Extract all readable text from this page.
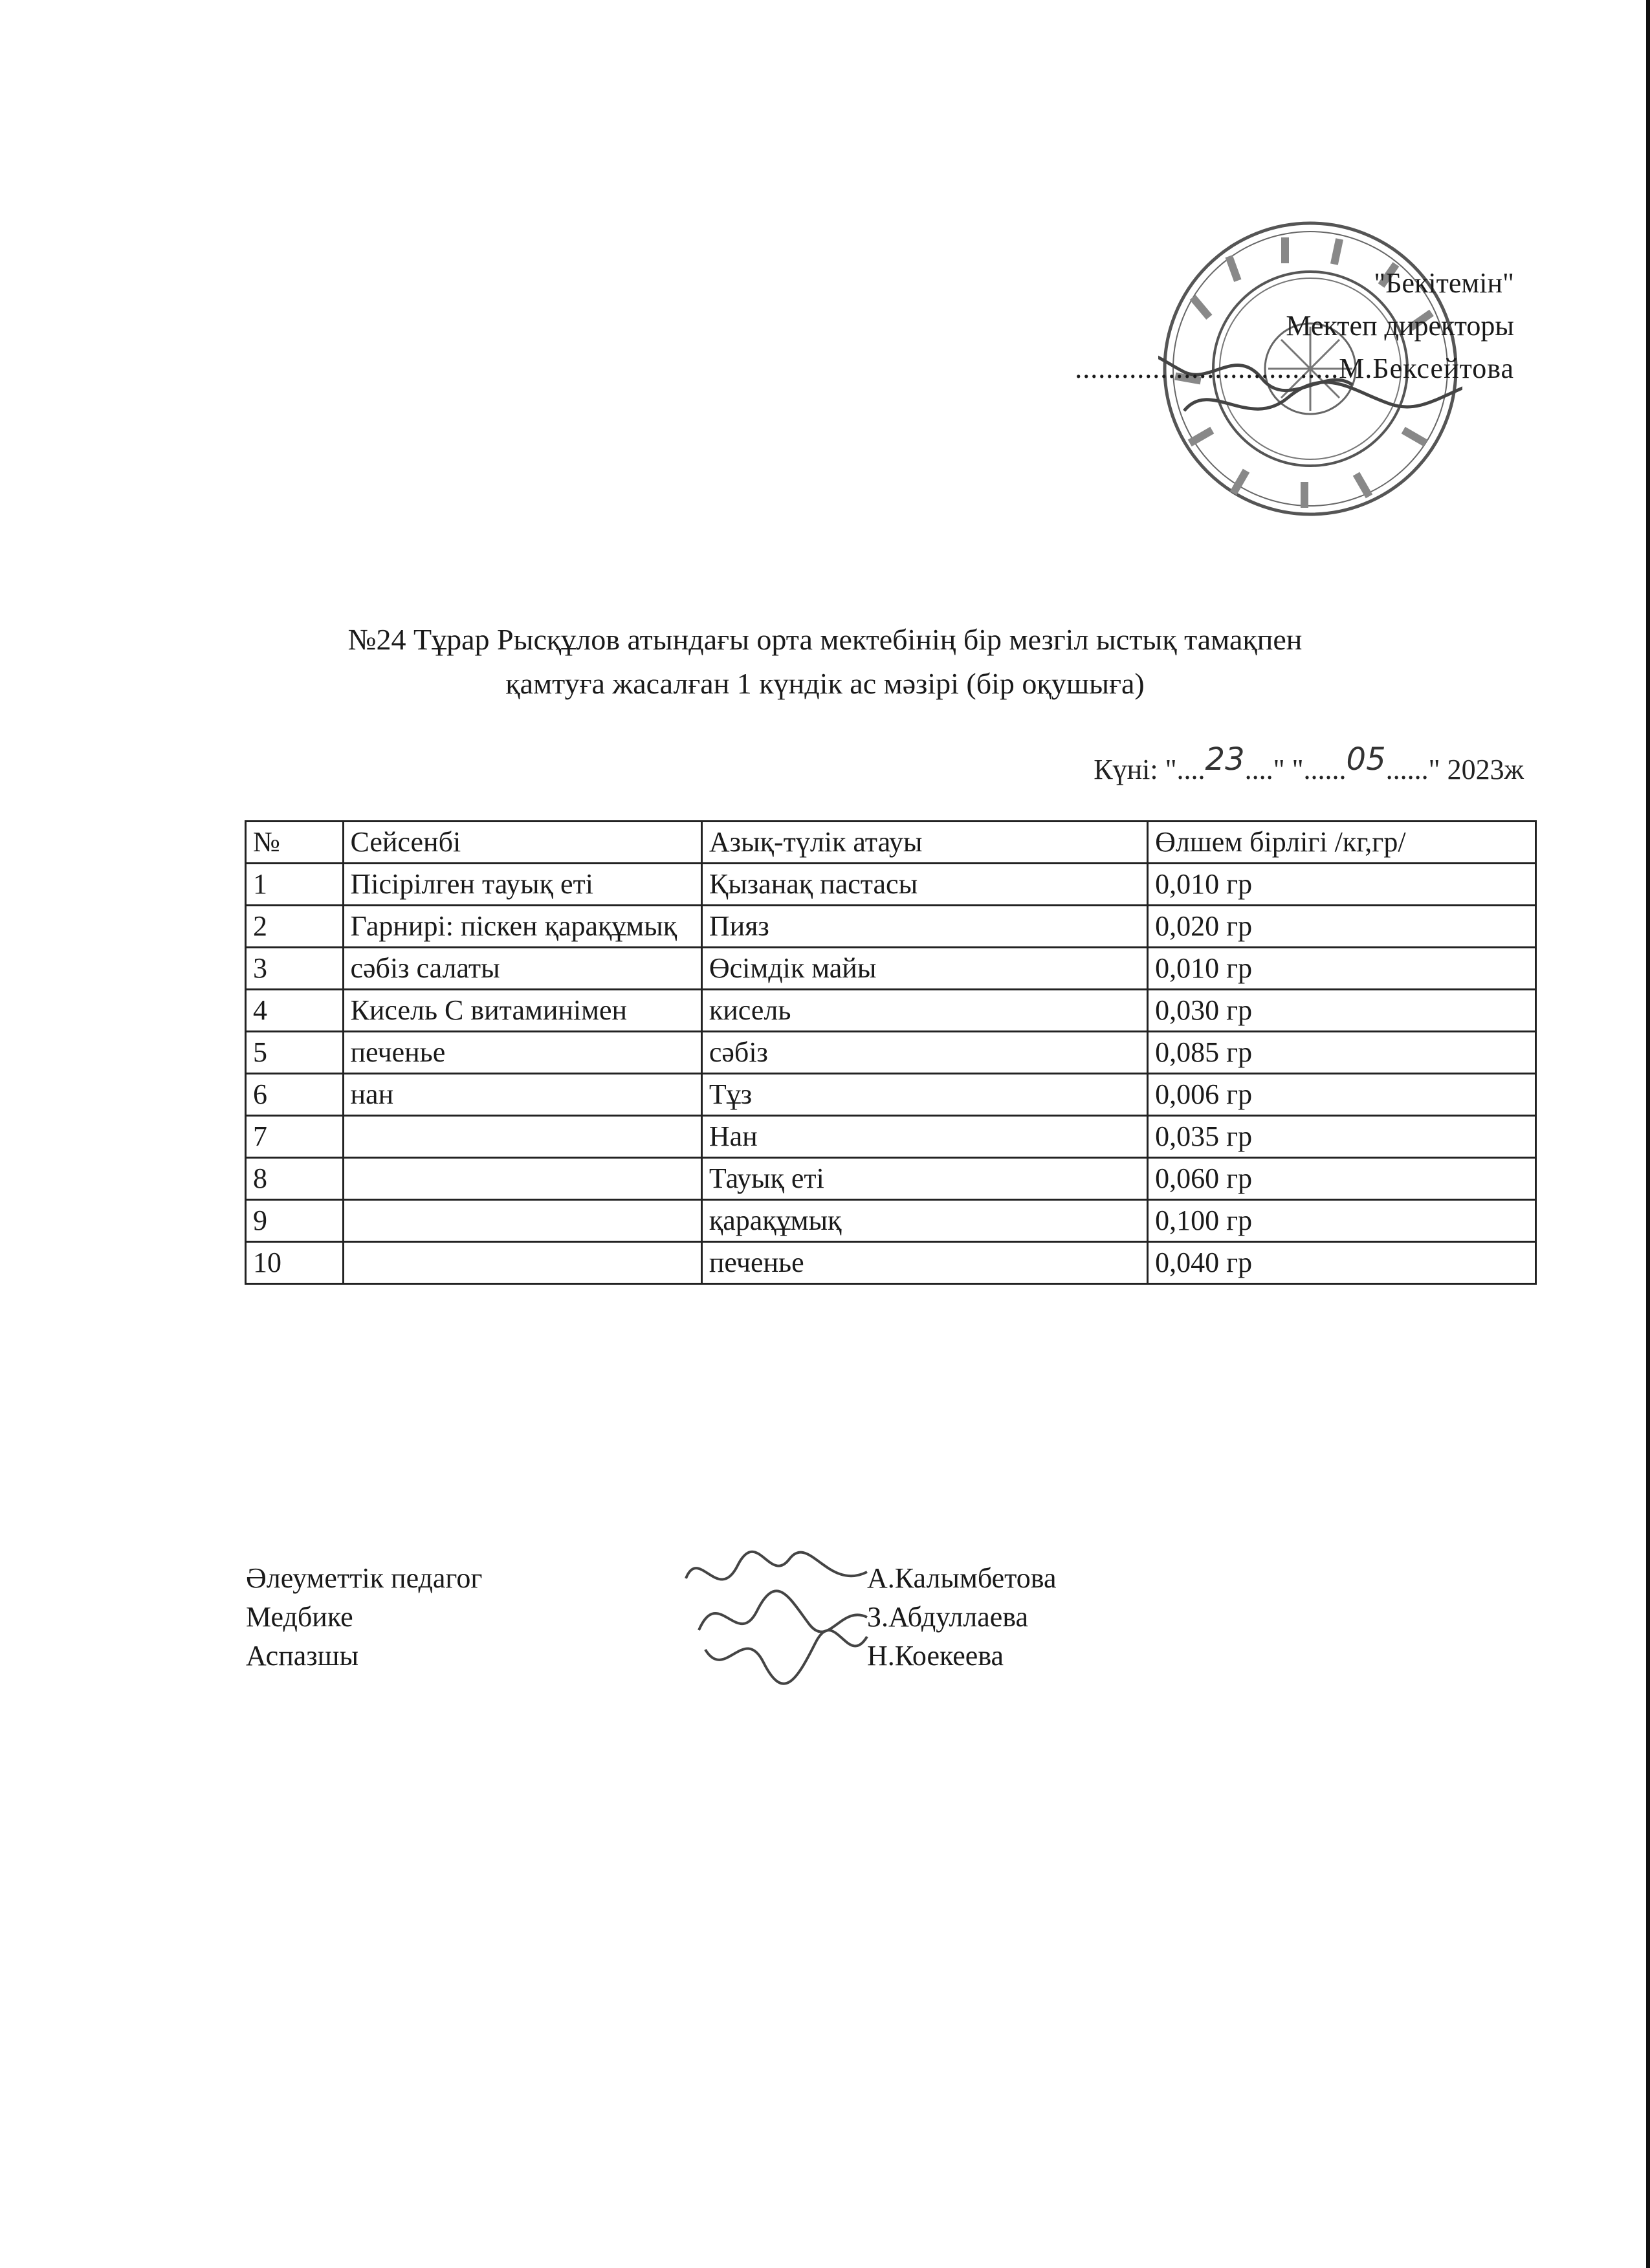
"Бекітемін"
Мектеп директоры
..................................М.Бексейтова
№24 Тұрар Рысқұлов атындағы орта мектебінің бір мезгіл ыстық тамақпен
қамтуға жасалған 1 күндік ас мәзірі (бір оқушыға)
Күні: "....23...." "......05......" 2023ж
№	Сейсенбі	Азық-түлік атауы	Өлшем бірлігі /кг,гр/
1	Пісірілген тауық еті	Қызанақ пастасы	0,010 гр
2	Гарнирі: піскен қарақұмық	Пияз	0,020 гр
3	сәбіз салаты	Өсімдік майы	0,010 гр
4	Кисель С витаминімен	кисель	0,030 гр
5	печенье	сәбіз	0,085 гр
6	нан	Тұз	0,006 гр
7		Нан	0,035 гр
8		Тауық еті	0,060 гр
9		қарақұмық	0,100 гр
10		печенье	0,040 гр
Әлеуметтік педагог	А.Калымбетова
Медбике	З.Абдуллаева
Аспазшы	Н.Коекеева
